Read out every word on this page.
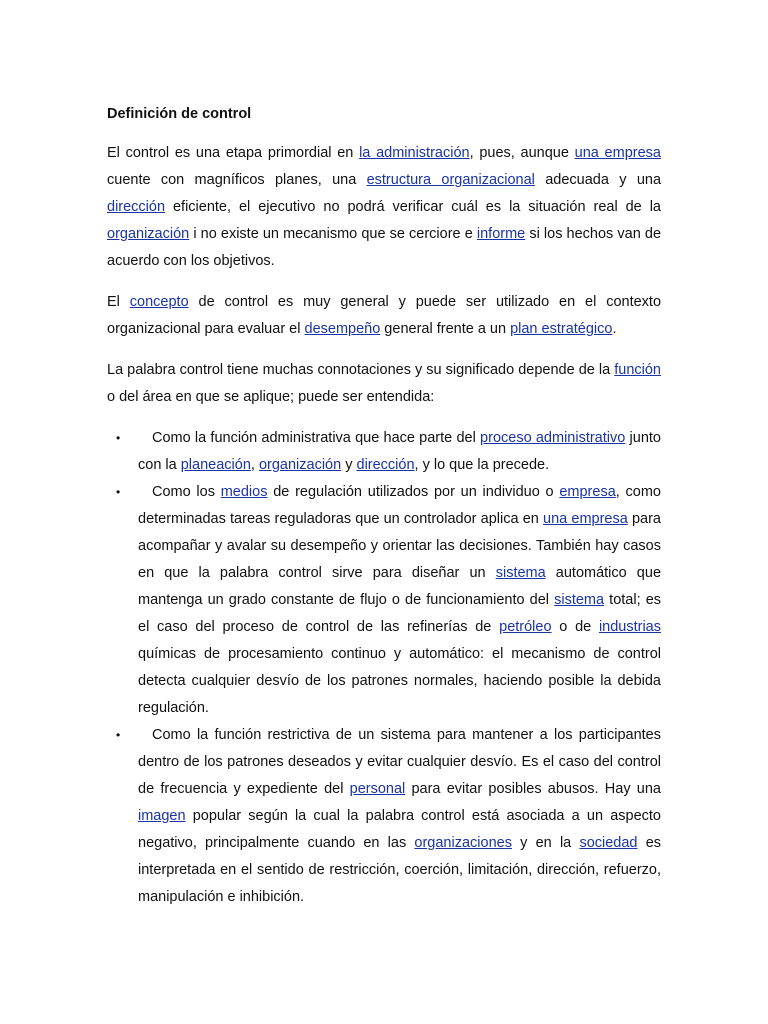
Definición de control

El control es una etapa primordial en la administración, pues, aunque una empresa cuente con magníficos planes, una estructura organizacional adecuada y una dirección eficiente, el ejecutivo no podrá verificar cuál es la situación real de la organización i no existe un mecanismo que se cerciore e informe si los hechos van de acuerdo con los objetivos.

El concepto de control es muy general y puede ser utilizado en el contexto organizacional para evaluar el desempeño general frente a un plan estratégico.

La palabra control tiene muchas connotaciones y su significado depende de la función o del área en que se aplique; puede ser entendida:

• Como la función administrativa que hace parte del proceso administrativo junto con la planeación, organización y dirección, y lo que la precede.
• Como los medios de regulación utilizados por un individuo o empresa, como determinadas tareas reguladoras que un controlador aplica en una empresa para acompañar y avalar su desempeño y orientar las decisiones. También hay casos en que la palabra control sirve para diseñar un sistema automático que mantenga un grado constante de flujo o de funcionamiento del sistema total; es el caso del proceso de control de las refinerías de petróleo o de industrias químicas de procesamiento continuo y automático: el mecanismo de control detecta cualquier desvío de los patrones normales, haciendo posible la debida regulación.
• Como la función restrictiva de un sistema para mantener a los participantes dentro de los patrones deseados y evitar cualquier desvío. Es el caso del control de frecuencia y expediente del personal para evitar posibles abusos. Hay una imagen popular según la cual la palabra control está asociada a un aspecto negativo, principalmente cuando en las organizaciones y en la sociedad es interpretada en el sentido de restricción, coerción, limitación, dirección, refuerzo, manipulación e inhibición.
